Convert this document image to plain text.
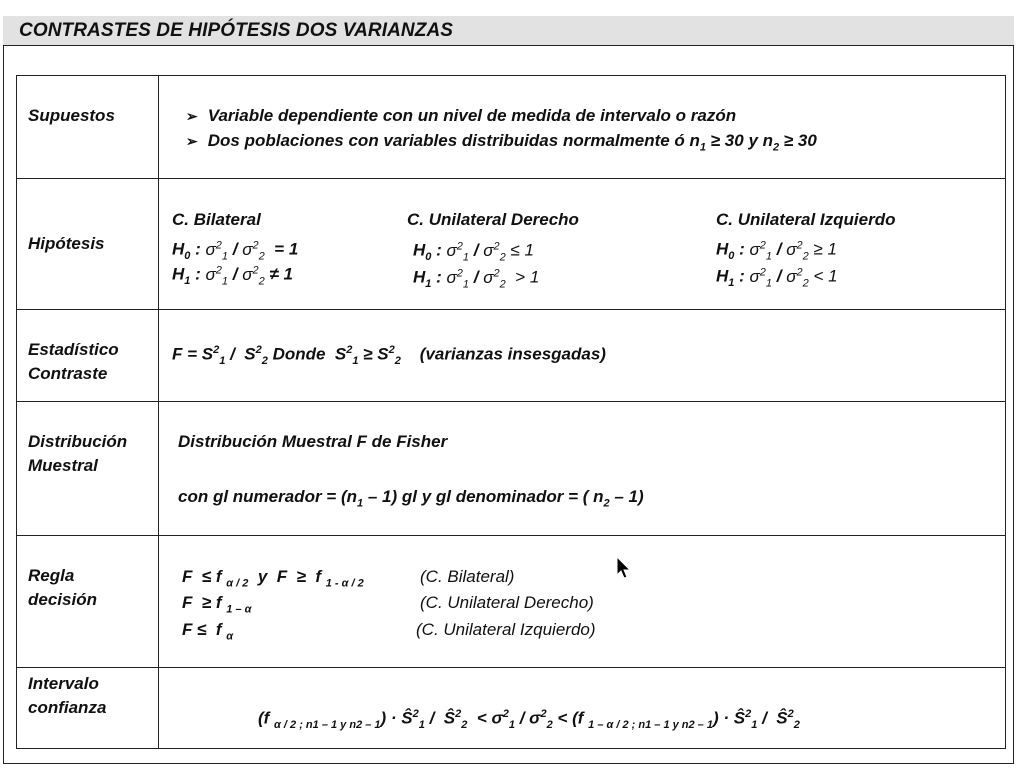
CONTRASTES DE HIPÓTESIS DOS VARIANZAS
Supuestos	➢ Variable dependiente con un nivel de medida de intervalo o razón
➢ Dos poblaciones con variables distribuidas normalmente ó $n_1 \ge 30$ y $n_2 \ge 30$
Hipótesis
C. Bilateral
$H_0$ : $\sigma^2_1 / \sigma^2_2 = 1$
$H_1$ : $\sigma^2_1 / \sigma^2_2 \ne 1$
C. Unilateral Derecho
$H_0$ : $\sigma^2_1 / \sigma^2_2 \le 1$
$H_1$ : $\sigma^2_1 / \sigma^2_2 > 1$
C. Unilateral Izquierdo
$H_0$ : $\sigma^2_1 / \sigma^2_2 \ge 1$
$H_1$ : $\sigma^2_1 / \sigma^2_2 < 1$
Estadístico
Contraste
$F = S^2_1 / S^2_2$ Donde  $S^2_1 \ge S^2_2$ (varianzas insesgadas)
Distribución
Muestral
Distribución Muestral F de Fisher
con gl numerador = $(n_1 - 1)$ gl y gl denominador = ( $n_2 - 1$)
Regla
decisión
F  ≤ f $_{\alpha / 2}$  y  F  ≥  f $_{1 - \alpha / 2}$
F  ≥ f $_{1 - \alpha}$
F ≤  f $_\alpha$
(C. Bilateral)
(C. Unilateral Derecho)
(C. Unilateral Izquierdo)
Intervalo
confianza
(f $_{\alpha / 2 ; n1 - 1 y n2 - 1}) \cdot Ŝ^2_1$ /  $Ŝ^2_2 < \sigma^2_1 / \sigma^2_2 < (f$ $_{1 - \alpha / 2 ; n1 - 1 y n2 - 1}) \cdot Ŝ^2_1$ /  $Ŝ^2_2$
